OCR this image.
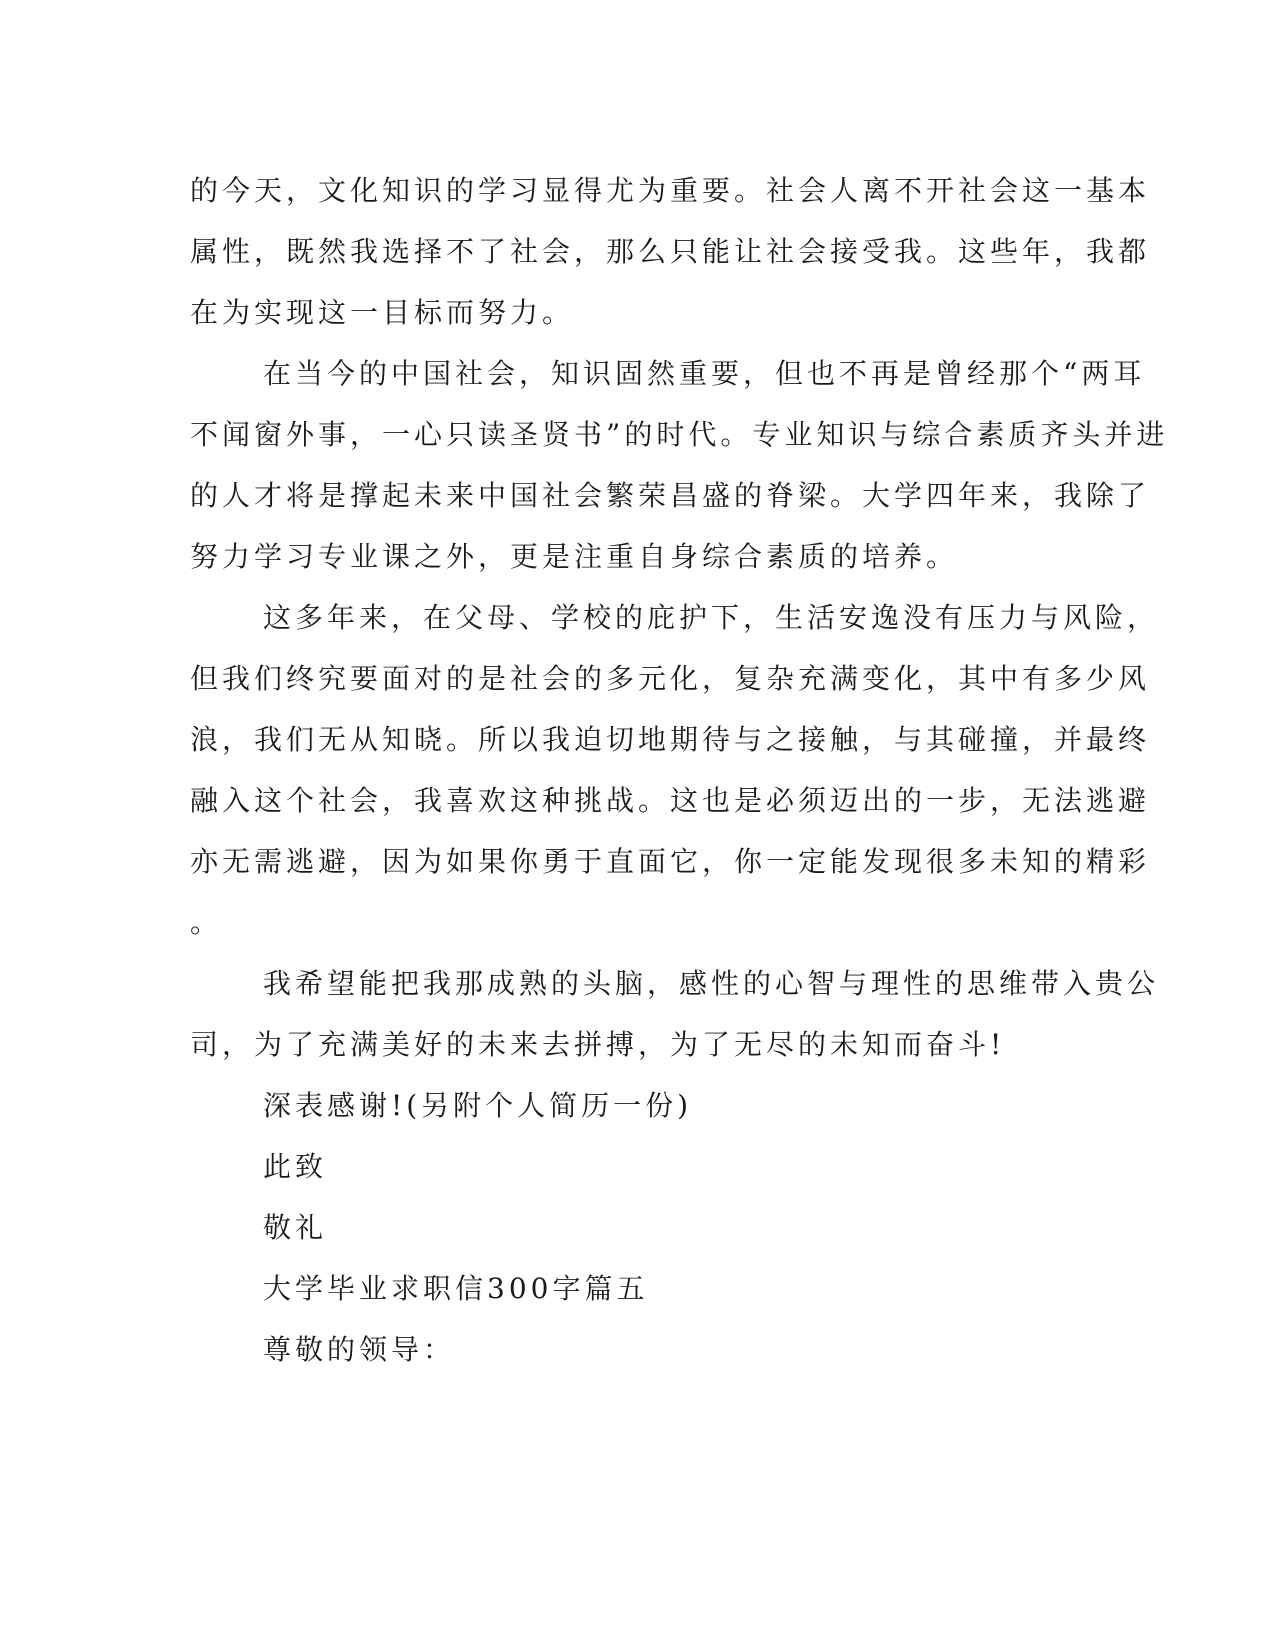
的今天，文化知识的学习显得尤为重要。社会人离不开社会这一基本
属性，既然我选择不了社会，那么只能让社会接受我。这些年，我都
在为实现这一目标而努力。
在当今的中国社会，知识固然重要，但也不再是曾经那个“两耳
不闻窗外事，一心只读圣贤书”的时代。专业知识与综合素质齐头并进
的人才将是撑起未来中国社会繁荣昌盛的脊梁。大学四年来，我除了
努力学习专业课之外，更是注重自身综合素质的培养。
这多年来，在父母、学校的庇护下，生活安逸没有压力与风险，
但我们终究要面对的是社会的多元化，复杂充满变化，其中有多少风
浪，我们无从知晓。所以我迫切地期待与之接触，与其碰撞，并最终
融入这个社会，我喜欢这种挑战。这也是必须迈出的一步，无法逃避
亦无需逃避，因为如果你勇于直面它，你一定能发现很多未知的精彩
。
我希望能把我那成熟的头脑，感性的心智与理性的思维带入贵公
司，为了充满美好的未来去拼搏，为了无尽的未知而奋斗!
深表感谢!(另附个人简历一份)
此致
敬礼
大学毕业求职信300字篇五
尊敬的领导：
